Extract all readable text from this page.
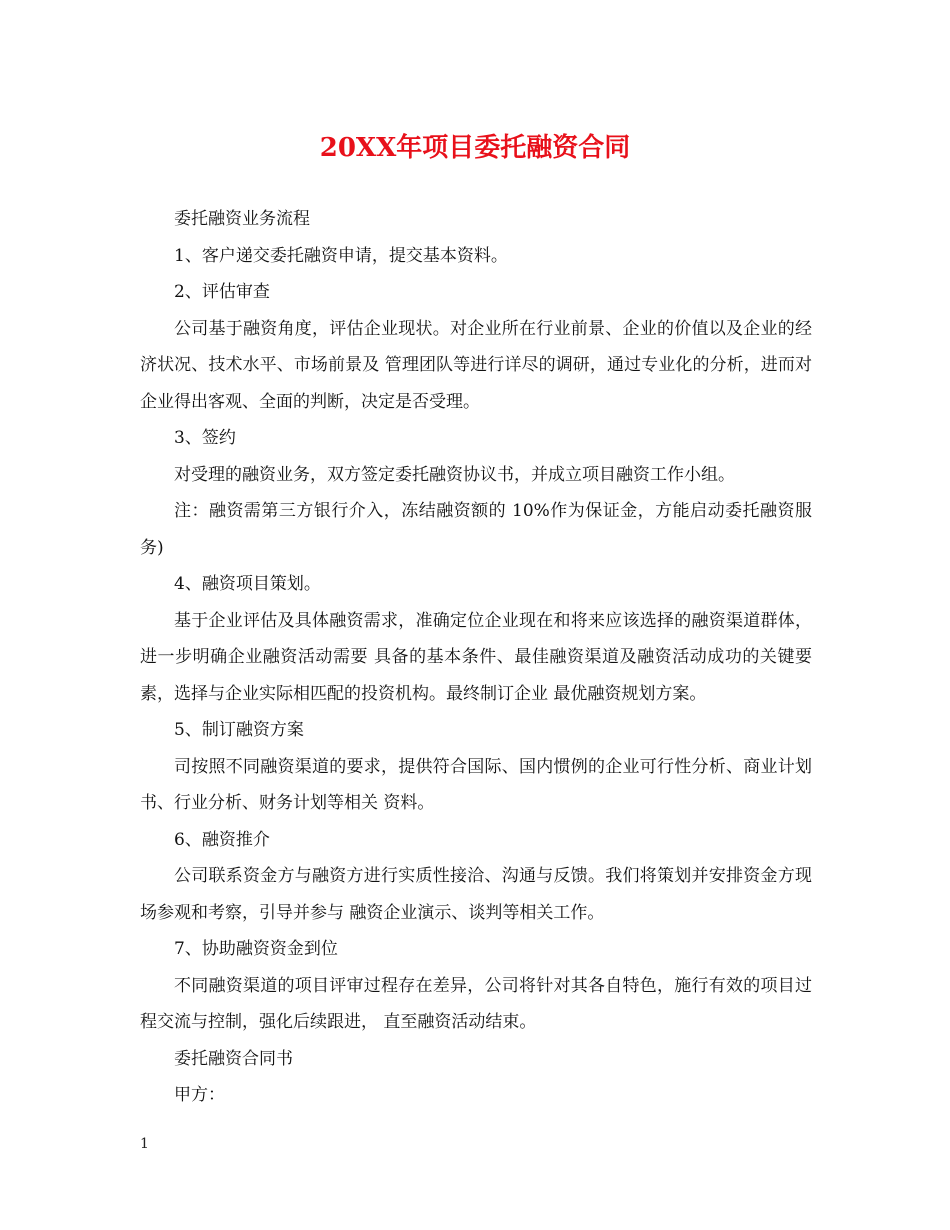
20XX年项目委托融资合同

委托融资业务流程

1、客户递交委托融资申请，提交基本资料。

2、评估审查

公司基于融资角度，评估企业现状。对企业所在行业前景、企业的价值以及企业的经济状况、技术水平、市场前景及 管理团队等进行详尽的调研，通过专业化的分析，进而对企业得出客观、全面的判断，决定是否受理。

3、签约

对受理的融资业务，双方签定委托融资协议书，并成立项目融资工作小组。

注：融资需第三方银行介入，冻结融资额的 10%作为保证金，方能启动委托融资服务)

4、融资项目策划。

基于企业评估及具体融资需求，准确定位企业现在和将来应该选择的融资渠道群体，进一步明确企业融资活动需要 具备的基本条件、最佳融资渠道及融资活动成功的关键要素，选择与企业实际相匹配的投资机构。最终制订企业 最优融资规划方案。

5、制订融资方案

司按照不同融资渠道的要求，提供符合国际、国内惯例的企业可行性分析、商业计划书、行业分析、财务计划等相关 资料。

6、融资推介

公司联系资金方与融资方进行实质性接洽、沟通与反馈。我们将策划并安排资金方现场参观和考察，引导并参与 融资企业演示、谈判等相关工作。

7、协助融资资金到位

不同融资渠道的项目评审过程存在差异，公司将针对其各自特色，施行有效的项目过程交流与控制，强化后续跟进， 直至融资活动结束。

委托融资合同书

甲方：

1
